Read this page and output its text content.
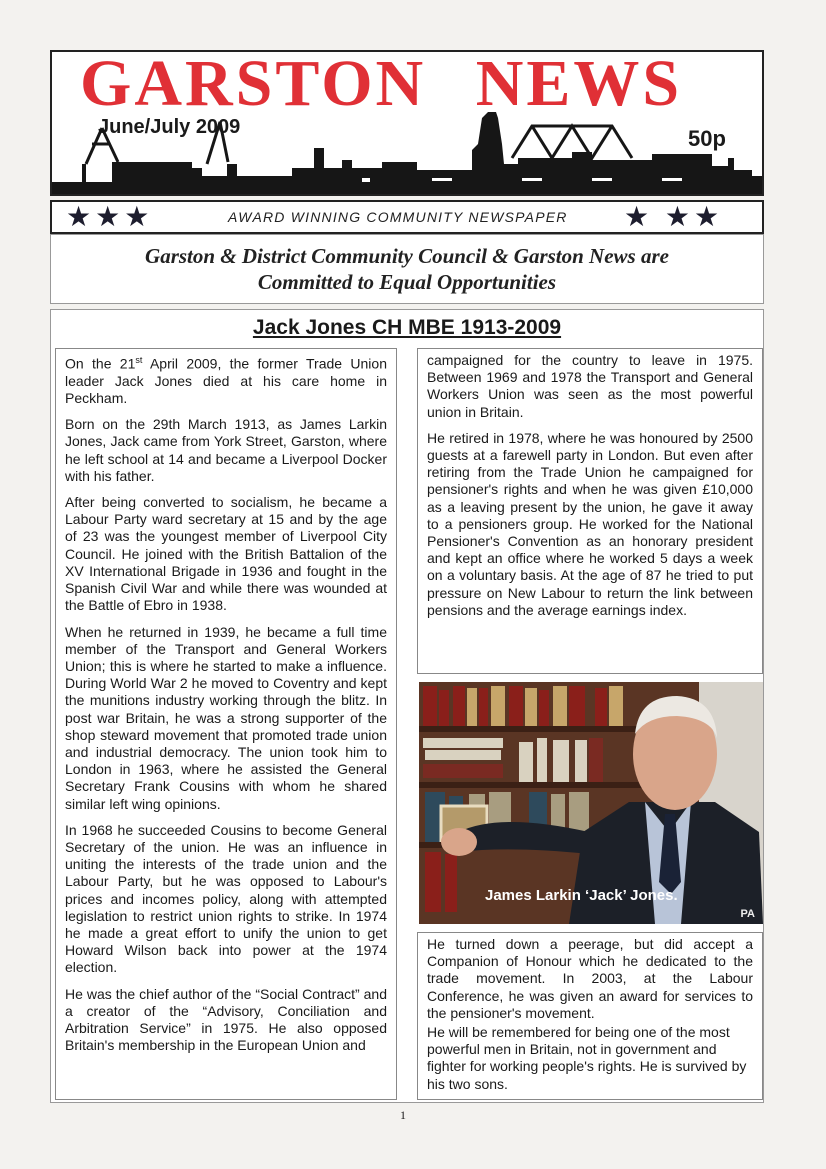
GARSTON NEWS
June/July 2009	50p
★★★	AWARD WINNING COMMUNITY NEWSPAPER ★ ★★
Garston & District Community Council & Garston News are
Committed to Equal Opportunities
Jack Jones CH MBE 1913-2009

On the 21st April 2009, the former Trade Union leader Jack Jones died at his care home in Peckham.

Born on the 29th March 1913, as James Larkin Jones, Jack came from York Street, Garston, where he left school at 14 and became a Liverpool Docker with his father.

After being converted to socialism, he became a Labour Party ward secretary at 15 and by the age of 23 was the youngest member of Liverpool City Council. He joined with the British Battalion of the XV International Brigade in 1936 and fought in the Spanish Civil War and while there was wounded at the Battle of Ebro in 1938.

When he returned in 1939, he became a full time member of the Transport and General Workers Union; this is where he started to make a influence. During World War 2 he moved to Coventry and kept the munitions industry working through the blitz. In post war Britain, he was a strong supporter of the shop steward movement that promoted trade union and industrial democracy. The union took him to London in 1963, where he assisted the General Secretary Frank Cousins with whom he shared similar left wing opinions.

In 1968 he succeeded Cousins to become General Secretary of the union. He was an influence in uniting the interests of the trade union and the Labour Party, but he was opposed to Labour's prices and incomes policy, along with attempted legislation to restrict union rights to strike. In 1974 he made a great effort to unify the union to get Howard Wilson back into power at the 1974 election.

He was the chief author of the “Social Contract” and a creator of the “Advisory, Conciliation and Arbitration Service” in 1975. He also opposed Britain's membership in the European Union and

campaigned for the country to leave in 1975. Between 1969 and 1978 the Transport and General Workers Union was seen as the most powerful union in Britain.

He retired in 1978, where he was honoured by 2500 guests at a farewell party in London. But even after retiring from the Trade Union he campaigned for pensioner's rights and when he was given £10,000 as a leaving present by the union, he gave it away to a pensioners group. He worked for the National Pensioner's Convention as an honorary president and kept an office where he worked 5 days a week on a voluntary basis. At the age of 87 he tried to put pressure on New Labour to return the link between pensions and the average earnings index.

James Larkin ‘Jack’ Jones.
PA

He turned down a peerage, but did accept a Companion of Honour which he dedicated to the trade movement. In 2003, at the Labour Conference, he was given an award for services to the pensioner's movement.

He will be remembered for being one of the most powerful men in Britain, not in government and fighter for working people's rights. He is survived by his two sons.

1
